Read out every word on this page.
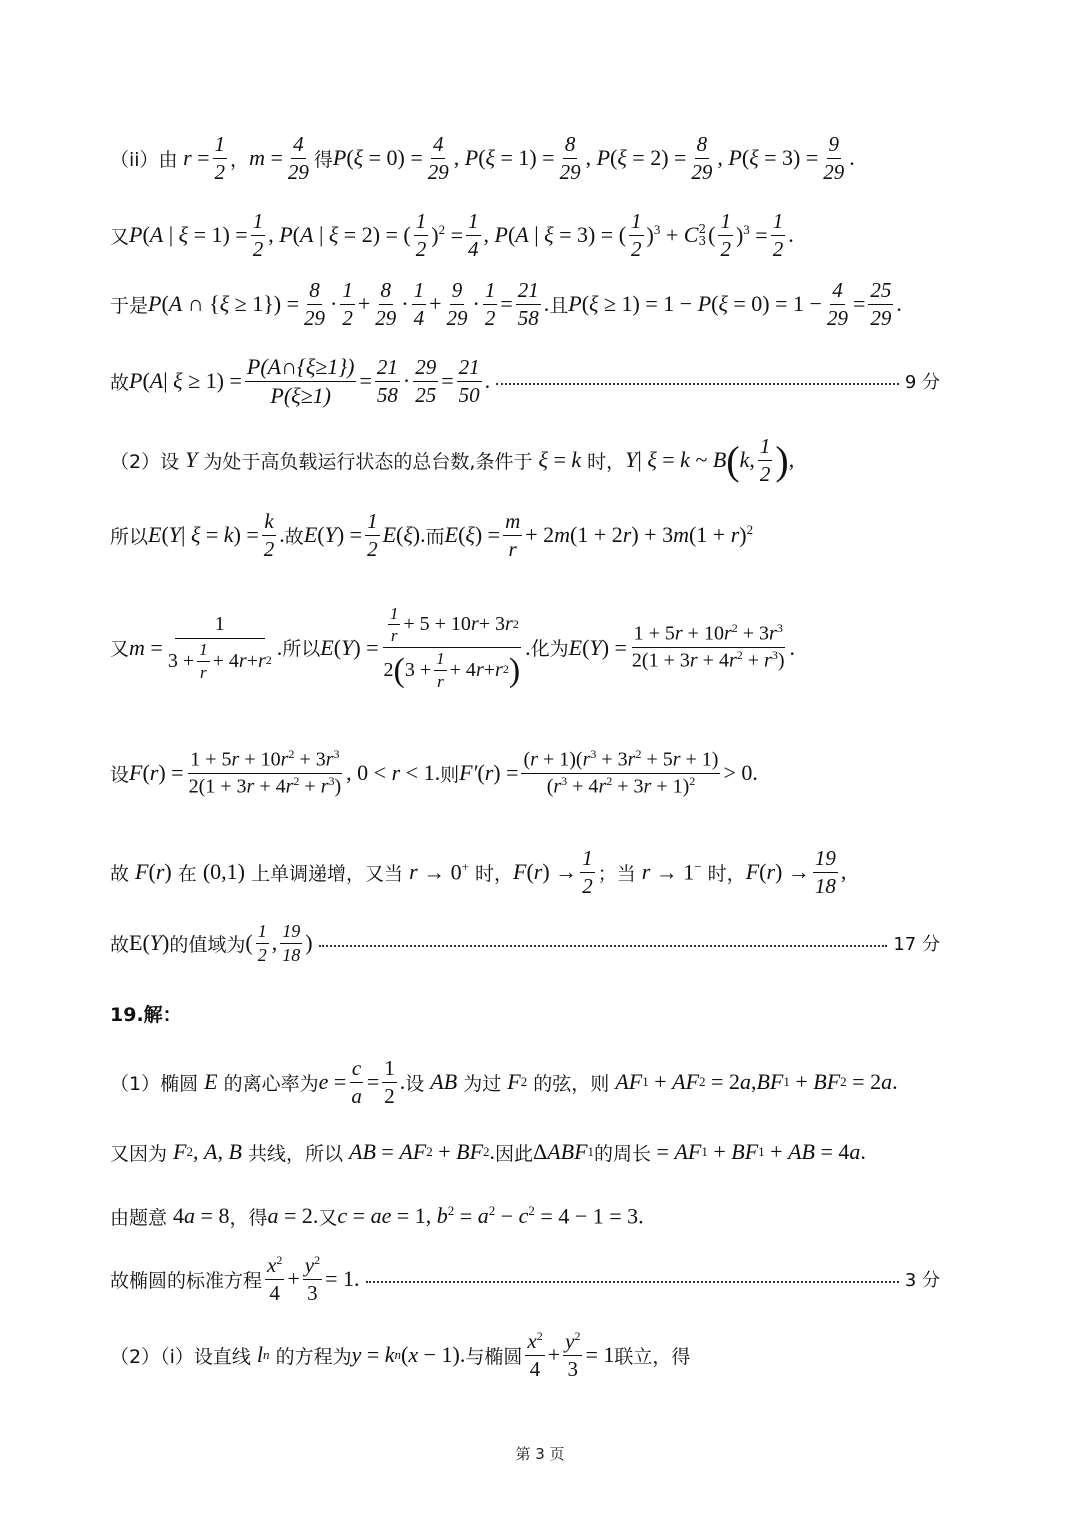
（ii）由 $r = \frac{1}{2}$ ， $m = \frac{4}{29}$ 得 P ( $\xi = 0) = \frac{4}{29}$ , P ( $\xi = 1) = \frac{8}{29}$ , P ( $\xi = 2) = \frac{8}{29}$ , P ( $\xi = 3) = \frac{9}{29}$ .
又 P ( A | $\xi = 1) = \frac{1}{2}$ , P ( A | ξ = 2) = ( $\frac{1}{2} )^2 = \frac{1}{4}$ , P ( A | ξ = 3) = ( $\frac{1}{2} )^3 + C$ 2
3 ( $\frac{1}{2} )^3 = \frac{1}{2}$ .
于是 P ( A ∩ { $\xi \ge 1\}) = \frac{8}{29} \cdot \frac{1}{2} + \frac{8}{29} \cdot \frac{1}{4} + \frac{9}{29} \cdot \frac{1}{2} = \frac{21}{58}$ . 且 P ( ξ ≥ 1) = 1 − P ( $\xi = 0) = 1 - \frac{4}{29} = \frac{25}{29}$ .
故 P ( A | $\xi \ge 1) = \frac{P(A\cap\{\xi\ge 1\})}{P(\xi\ge 1)} = \frac{21}{58} \cdot \frac{29}{25} = \frac{21}{50}$ .	9 分
（2）设 Y 为处于高负载运行状态的总台数,条件于 ξ = k 时， Y | ξ = k ~ B ( k , $\frac{1}{2}$ ) ,
所以 E ( Y | ξ = k ) = $\frac{k}{2}$ . 故 E ( Y ) = $\frac{1}{2}$ E ( ξ ). 而 E ( ξ ) = $\frac{m}{r} + 2$ m (1 + 2 r ) + 3 m (1 + r )$^2$
又 $m = \frac{1}{3 + \frac{1}{r} + 4 r + r 2}$ . 所以 E ( Y ) = $\frac{\frac{1}{r} + 5 + 10 r + 3 r 2}{2 ( 3 + \frac{1}{r} + 4 r + r 2 )}$ . 化为 E ( Y ) = $\frac{1 + 5r + 10r^2 + 3r^3}{2(1 + 3r + 4r^2 + r^3)}$ .
设 F ( r ) = $\frac{1 + 5r + 10r^2 + 3r^3}{2(1 + 3r + 4r^2 + r^3)}$ , 0 < r < 1. 则 F′ ( r ) = $\frac{(r + 1)(r^3 + 3r^2 + 5r + 1)}{(r^3 + 4r^2 + 3r + 1)^2} > 0$.
故 F ( r ) 在 (0,1) 上单调递增，又当 r → 0+ 时， F ( r ) → $\frac{1}{2}$ ；当 r → 1− 时， F ( r ) → $\frac{19}{18}$ ,
故 E(Y) 的值域为 ( $\frac{1}{2}$ , $\frac{19}{18}$ )	17 分
19.解：
（1）椭圆 E 的离心率为 $e = \frac{c}{a} = \frac{1}{2}$ . 设 AB 为过 F 2 的弦，则 AF 1 + AF 2 = 2 a , BF 1 + BF 2 = 2 a .
又因为 F 2 , A , B 共线，所以 AB = AF 2 + BF 2 . 因此 Δ ABF 1 的周长 = AF 1 + BF 1 + AB = 4 a .
由题意 4 a = 8 ，得 a = 2. 又 c = ae = 1, b $^2$ = a $^2$ − c $^2$ = 4 − 1 = 3.
故椭圆的标准方程 $\frac{x^2}{4} + \frac{y^2}{3} = 1$.	3 分
（2）（i）设直线 l n 的方程为 y = k n ( x − 1). 与椭圆 $\frac{x^2}{4} + \frac{y^2}{3} = 1$ 联立，得
第 3 页
